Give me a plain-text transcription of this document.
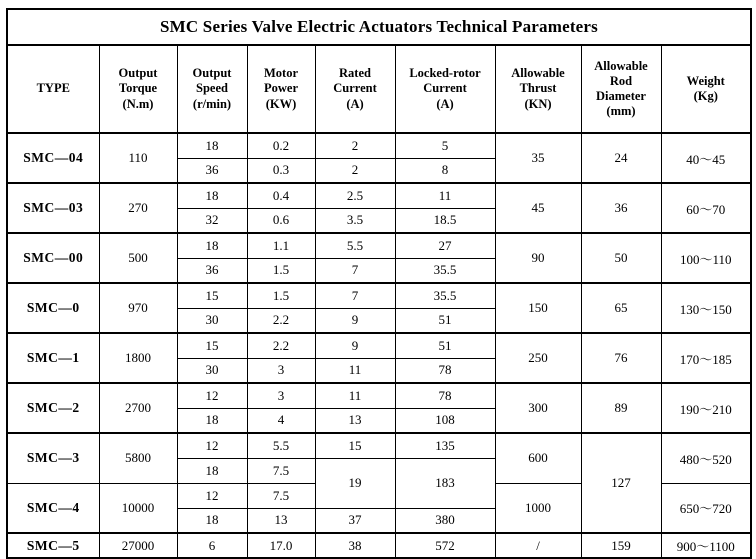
SMC Series Valve Electric Actuators Technical Parameters								

TYPE	Output
Torque
(N.m)	Output
Speed
(r/min)	Motor
Power
(KW)	Rated
Current
(A)	Locked-rotor
Current
(A)	Allowable
Thrust
(KN)	Allowable
Rod
Diameter
(mm)	Weight
(Kg)

SMC—04	110	18	0.2	2	5	35	24	40～45
		36	0.3	2	8			
SMC—03	270	18	0.4	2.5	11	45	36	60～70
		32	0.6	3.5	18.5			
SMC—00	500	18	1.1	5.5	27	90	50	100～110
		36	1.5	7	35.5			
SMC—0	970	15	1.5	7	35.5	150	65	130～150
		30	2.2	9	51			
SMC—1	1800	15	2.2	9	51	250	76	170～185
		30	3	11	78			
SMC—2	2700	12	3	11	78	300	89	190～210
		18	4	13	108			
SMC—3	5800	12	5.5	15	135	600	127	480～520
		18	7.5	19	183			
SMC—4	10000	12	7.5			1000		650～720
		18	13	37	380			
SMC—5	27000	6	17.0	38	572	/	159	900～1100
